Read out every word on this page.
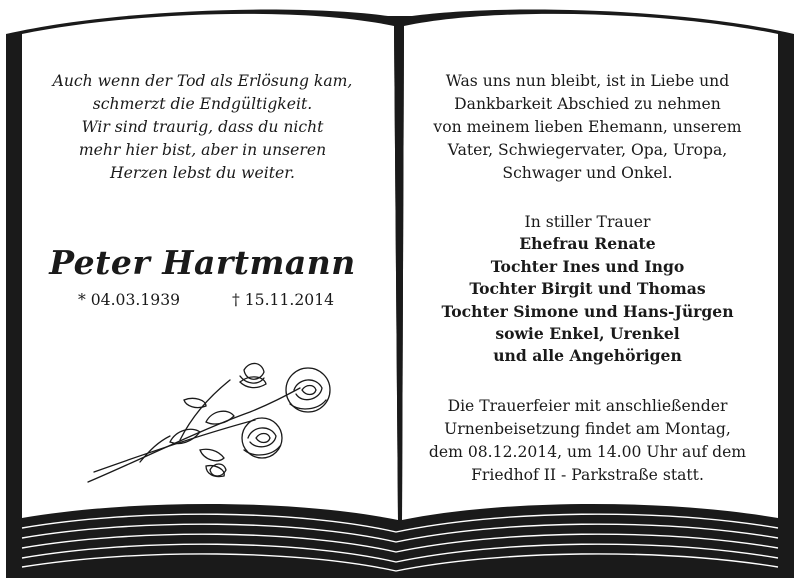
Auch wenn der Tod als Erlösung kam,

schmerzt die Endgültigkeit.

Wir sind traurig, dass du nicht

mehr hier bist, aber in unseren

Herzen lebst du weiter.

Peter Hartmann
* 04.03.1939	† 15.11.2014

Was uns nun bleibt, ist in Liebe und

Dankbarkeit Abschied zu nehmen

von meinem lieben Ehemann, unserem

Vater, Schwiegervater, Opa, Uropa,

Schwager und Onkel.

In stiller Trauer

Ehefrau Renate

Tochter Ines und Ingo

Tochter Birgit und Thomas

Tochter Simone und Hans-Jürgen

sowie Enkel, Urenkel

und alle Angehörigen

Die Trauerfeier mit anschließender

Urnenbeisetzung findet am Montag,

dem 08.12.2014, um 14.00 Uhr auf dem

Friedhof II - Parkstraße statt.
